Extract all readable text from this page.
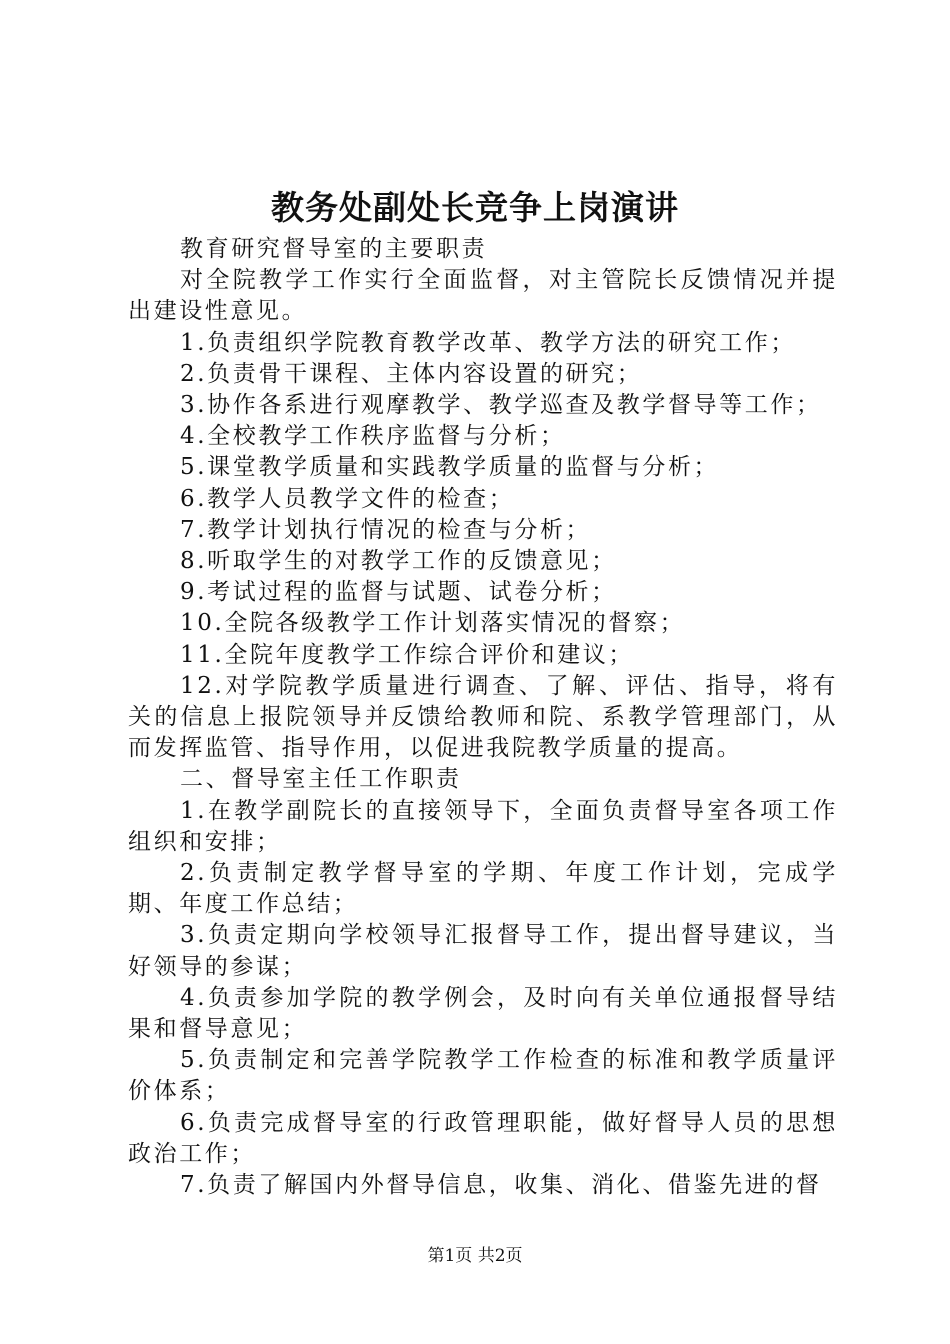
教务处副处长竞争上岗演讲

教育研究督导室的主要职责

对全院教学工作实行全面监督，对主管院长反馈情况并提出建设性意见。

1.负责组织学院教育教学改革、教学方法的研究工作；

2.负责骨干课程、主体内容设置的研究；

3.协作各系进行观摩教学、教学巡查及教学督导等工作；

4.全校教学工作秩序监督与分析；

5.课堂教学质量和实践教学质量的监督与分析；

6.教学人员教学文件的检查；

7.教学计划执行情况的检查与分析；

8.听取学生的对教学工作的反馈意见；

9.考试过程的监督与试题、试卷分析；

10.全院各级教学工作计划落实情况的督察；

11.全院年度教学工作综合评价和建议；

12.对学院教学质量进行调查、了解、评估、指导，将有关的信息上报院领导并反馈给教师和院、系教学管理部门，从而发挥监管、指导作用，以促进我院教学质量的提高。

二、督导室主任工作职责

1.在教学副院长的直接领导下，全面负责督导室各项工作组织和安排；

2.负责制定教学督导室的学期、年度工作计划，完成学期、年度工作总结；

3.负责定期向学校领导汇报督导工作，提出督导建议，当好领导的参谋；

4.负责参加学院的教学例会，及时向有关单位通报督导结果和督导意见；

5.负责制定和完善学院教学工作检查的标准和教学质量评价体系；

6.负责完成督导室的行政管理职能，做好督导人员的思想政治工作；

7.负责了解国内外督导信息，收集、消化、借鉴先进的督

第1页 共2页
